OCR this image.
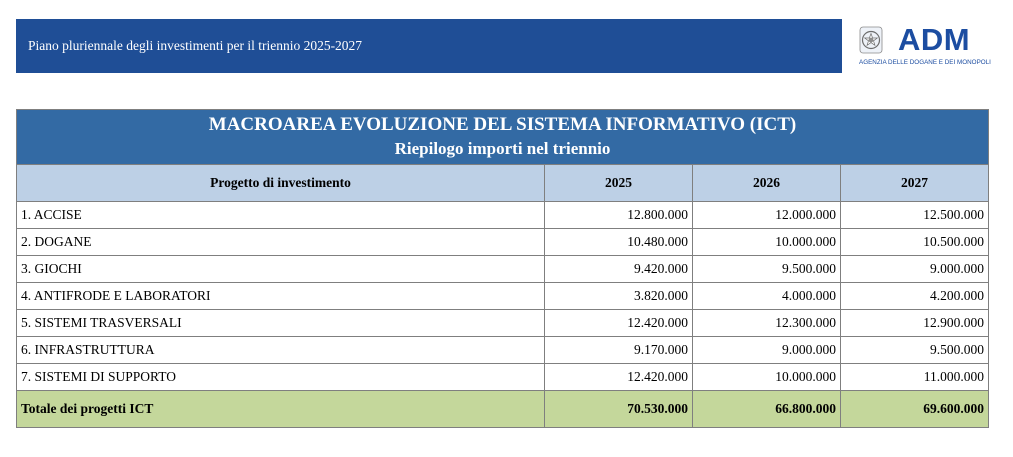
Piano pluriennale degli investimenti per il triennio 2025-2027	ADM
AGENZIA DELLE DOGANE E DEI MONOPOLI
MACROAREA EVOLUZIONE DEL SISTEMA INFORMATIVO (ICT)
Riepilogo importi nel triennio			

Progetto di investimento	2025	2026	2027
1. ACCISE	12.800.000	12.000.000	12.500.000
2. DOGANE	10.480.000	10.000.000	10.500.000
3. GIOCHI	9.420.000	9.500.000	9.000.000
4. ANTIFRODE E LABORATORI	3.820.000	4.000.000	4.200.000
5. SISTEMI TRASVERSALI	12.420.000	12.300.000	12.900.000
6. INFRASTRUTTURA	9.170.000	9.000.000	9.500.000
7. SISTEMI DI SUPPORTO	12.420.000	10.000.000	11.000.000
Totale dei progetti ICT	70.530.000	66.800.000	69.600.000
